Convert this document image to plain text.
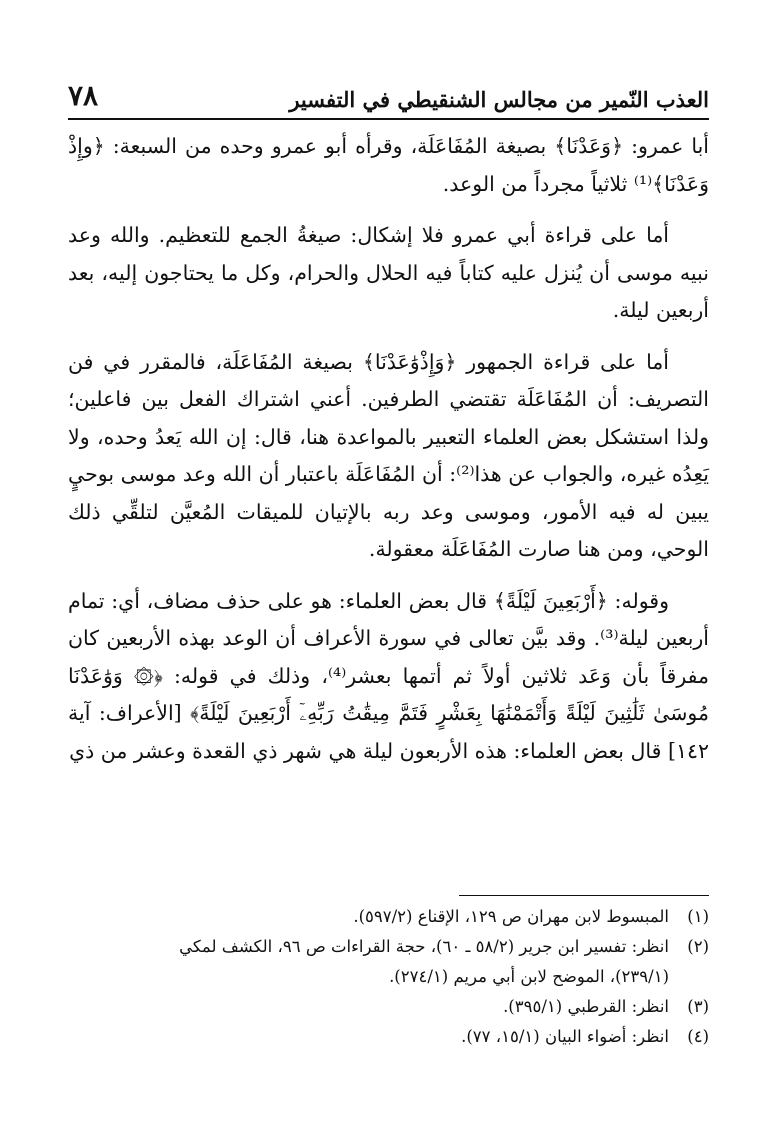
العذب النّمير من مجالس الشنقيطي في التفسير
٧٨

أبا عمرو: ﴿وَعَدْنَا﴾ بصيغة المُفَاعَلَة، وقرأه أبو عمرو وحده من السبعة: ﴿وإِذْ وَعَدْنَا﴾⁽¹⁾ ثلاثياً مجرداً من الوعد.

أما على قراءة أبي عمرو فلا إشكال: صيغةُ الجمع للتعظيم. والله وعد نبيه موسى أن يُنزل عليه كتاباً فيه الحلال والحرام، وكل ما يحتاجون إليه، بعد أربعين ليلة.

أما على قراءة الجمهور ﴿وَإِذْوَٰعَدْنَا﴾ بصيغة المُفَاعَلَة، فالمقرر في فن التصريف: أن المُفَاعَلَة تقتضي الطرفين. أعني اشتراك الفعل بين فاعلين؛ ولذا استشكل بعض العلماء التعبير بالمواعدة هنا، قال: إن الله يَعدُ وحده، ولا يَعِدُه غيره، والجواب عن هذا⁽²⁾: أن المُفَاعَلَة باعتبار أن الله وعد موسى بوحيٍ يبين له فيه الأمور، وموسى وعد ربه بالإتيان للميقات المُعيَّن لتلقِّي ذلك الوحي، ومن هنا صارت المُفَاعَلَة معقولة.

وقوله: ﴿أَرْبَعِينَ لَيْلَةً﴾ قال بعض العلماء: هو على حذف مضاف، أي: تمام أربعين ليلة⁽³⁾. وقد بيَّن تعالى في سورة الأعراف أن الوعد بهذه الأربعين كان مفرقاً بأن وَعَد ثلاثين أولاً ثم أتمها بعشر⁽⁴⁾، وذلك في قوله: ﴿۞ وَوَٰعَدْنَا مُوسَىٰ ثَلَٰثِينَ لَيْلَةً وَأَتْمَمْنَٰهَا بِعَشْرٍ فَتَمَّ مِيقَٰتُ رَبِّهِۦٓ أَرْبَعِينَ لَيْلَةً﴾ [الأعراف: آية ١٤٢] قال بعض العلماء: هذه الأربعون ليلة هي شهر ذي القعدة وعشر من ذي

(١)
المبسوط لابن مهران ص ١٢٩، الإقناع (٥٩٧/٢).
(٢)
انظر: تفسير ابن جرير (٥٨/٢ ـ ٦٠)، حجة القراءات ص ٩٦، الكشف لمكي

(٢٣٩/١)، الموضح لابن أبي مريم (٢٧٤/١).

(٣)
انظر: القرطبي (٣٩٥/١).
(٤)
انظر: أضواء البيان (١٥/١، ٧٧).
